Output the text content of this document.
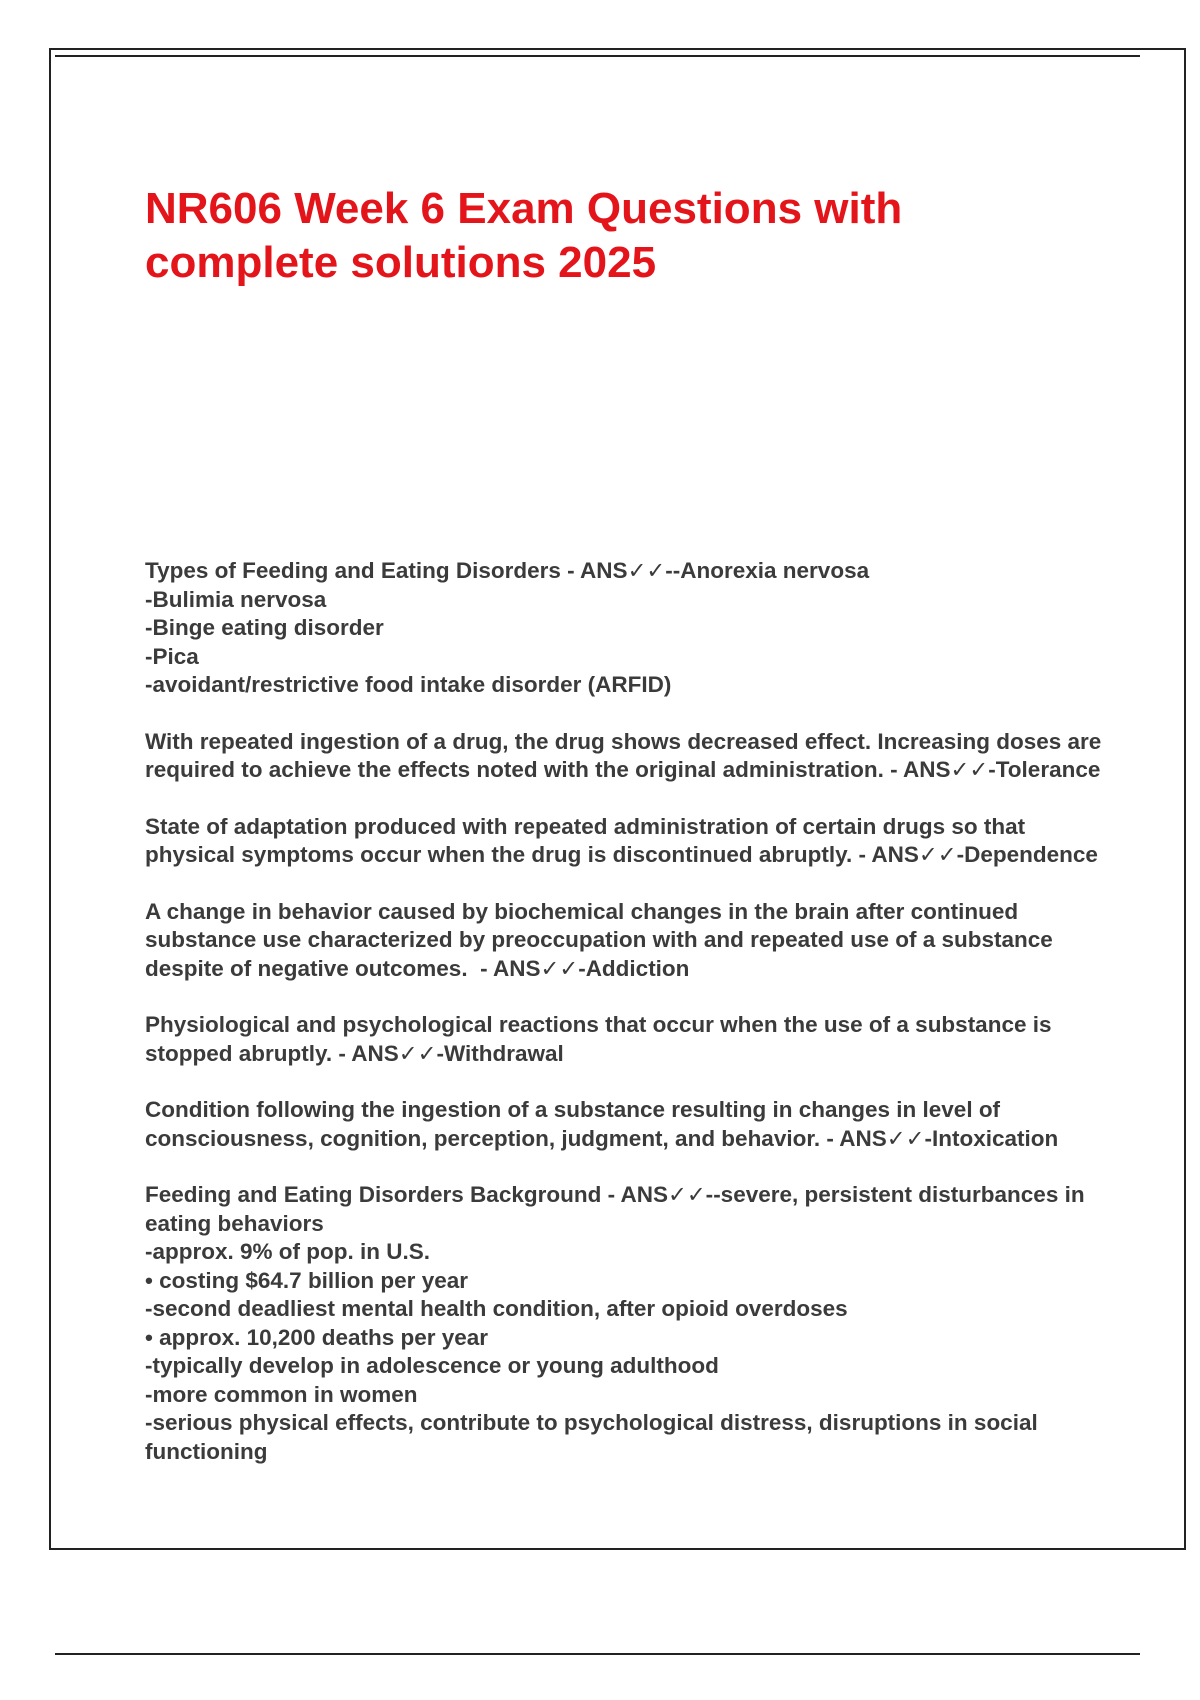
NR606 Week 6 Exam Questions with complete solutions 2025
Types of Feeding and Eating Disorders - ANS✓✓--Anorexia nervosa
-Bulimia nervosa
-Binge eating disorder
-Pica
-avoidant/restrictive food intake disorder (ARFID)
With repeated ingestion of a drug, the drug shows decreased effect. Increasing doses are required to achieve the effects noted with the original administration. - ANS✓✓-Tolerance
State of adaptation produced with repeated administration of certain drugs so that physical symptoms occur when the drug is discontinued abruptly. - ANS✓✓-Dependence
A change in behavior caused by biochemical changes in the brain after continued substance use characterized by preoccupation with and repeated use of a substance despite of negative outcomes.  - ANS✓✓-Addiction
Physiological and psychological reactions that occur when the use of a substance is stopped abruptly. - ANS✓✓-Withdrawal
Condition following the ingestion of a substance resulting in changes in level of consciousness, cognition, perception, judgment, and behavior. - ANS✓✓-Intoxication
Feeding and Eating Disorders Background - ANS✓✓--severe, persistent disturbances in eating behaviors
-approx. 9% of pop. in U.S.
• costing $64.7 billion per year
-second deadliest mental health condition, after opioid overdoses
• approx. 10,200 deaths per year
-typically develop in adolescence or young adulthood
-more common in women
-serious physical effects, contribute to psychological distress, disruptions in social functioning
